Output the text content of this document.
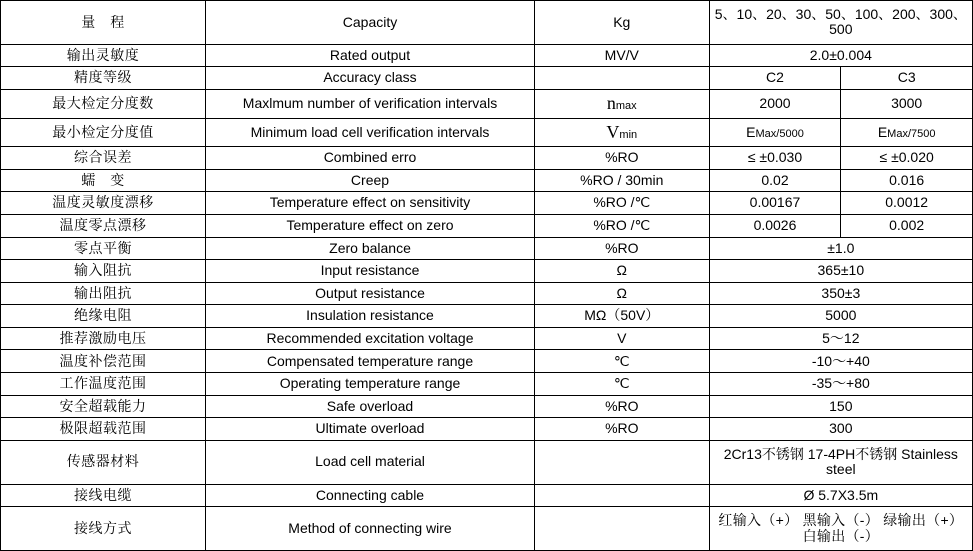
量　程	Capacity	Kg	5、10、20、30、50、100、200、300、500	
输出灵敏度	Rated output	MV/V	2.0±0.004	
精度等级	Accuracy class		C2	C3
最大检定分度数	Maxlmum number of verification intervals	nmax	2000	3000
最小检定分度值	Minimum load cell verification intervals	Vmin	EMax/5000	EMax/7500
综合误差	Combined erro	%RO	≤ ±0.030	≤ ±0.020
蠕　变	Creep	%RO / 30min	0.02	0.016
温度灵敏度漂移	Temperature effect on sensitivity	%RO /℃	0.00167	0.0012
温度零点漂移	Temperature effect on zero	%RO /℃	0.0026	0.002
零点平衡	Zero balance	%RO	±1.0	
输入阻抗	Input resistance	Ω	365±10	
输出阻抗	Output resistance	Ω	350±3	
绝缘电阻	Insulation resistance	MΩ（50V）	5000	
推荐激励电压	Recommended excitation voltage	V	5～12	
温度补偿范围	Compensated temperature range	℃	-10～+40	
工作温度范围	Operating temperature range	℃	-35～+80	
安全超载能力	Safe overload	%RO	150	
极限超载范围	Ultimate overload	%RO	300	
传感器材料	Load cell material		2Cr13不锈钢 17-4PH不锈钢 Stainless steel	
接线电缆	Connecting cable		Ø 5.7X3.5m	
接线方式	Method of connecting wire		红输入（+） 黑输入（-） 绿输出（+） 白输出（-）	
